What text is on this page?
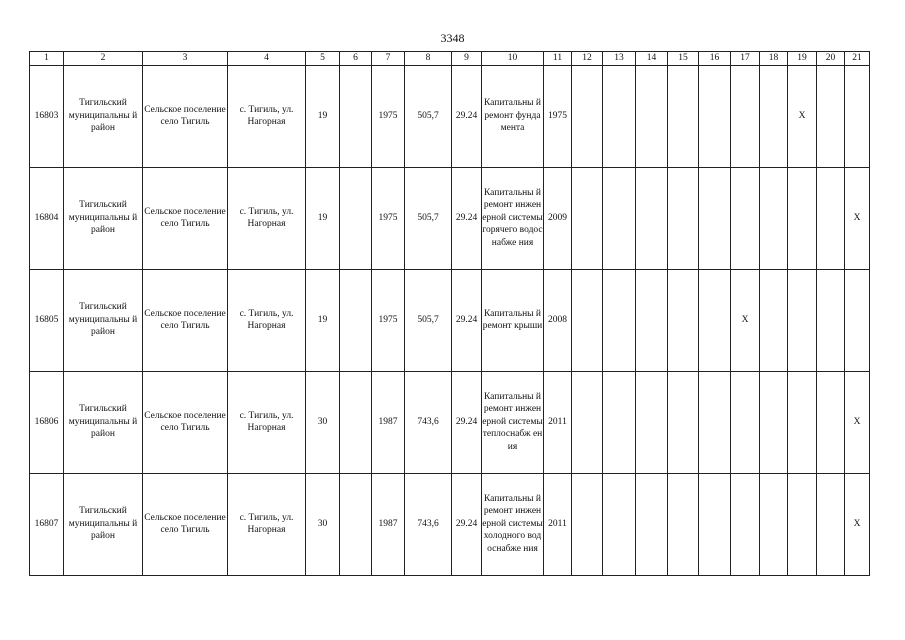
3348
1	2	3	4	5	6	7	8	9	10	11	12	13	14	15	16	17	18	19	20	21
16803	Тигильский муниципальны й район	Сельское поселение село Тигиль	с. Тигиль, ул. Нагорная	19		1975	505,7	29.24	Капитальны й ремонт фундамента	1975								X		
16804	Тигильский муниципальны й район	Сельское поселение село Тигиль	с. Тигиль, ул. Нагорная	19		1975	505,7	29.24	Капитальны й ремонт инженерной системы горячего водоснабже ния	2009										X
16805	Тигильский муниципальны й район	Сельское поселение село Тигиль	с. Тигиль, ул. Нагорная	19		1975	505,7	29.24	Капитальны й ремонт крыши	2008						X				
16806	Тигильский муниципальны й район	Сельское поселение село Тигиль	с. Тигиль, ул. Нагорная	30		1987	743,6	29.24	Капитальны й ремонт инженерной системы теплоснабж ения	2011										X
16807	Тигильский муниципальны й район	Сельское поселение село Тигиль	с. Тигиль, ул. Нагорная	30		1987	743,6	29.24	Капитальны й ремонт инженерной системы холодного водоснабже ния	2011										X
